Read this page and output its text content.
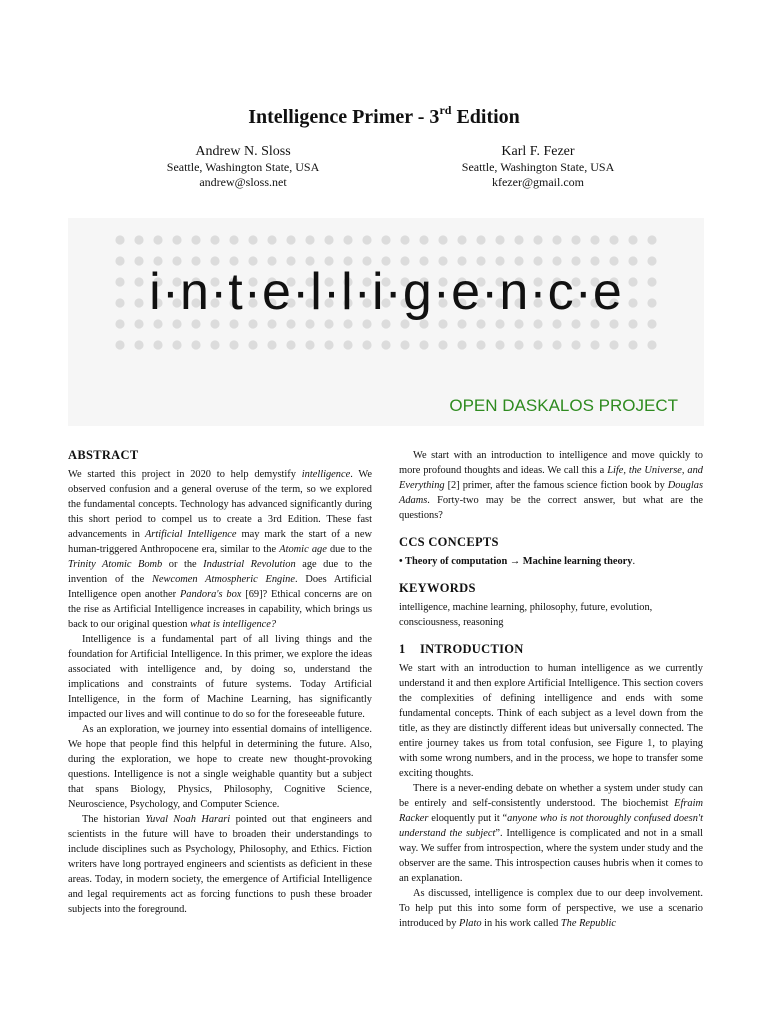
Intelligence Primer - 3rd Edition
Andrew N. Sloss
Seattle, Washington State, USA
andrew@sloss.net
Karl F. Fezer
Seattle, Washington State, USA
kfezer@gmail.com
i·n·t·e·l·l·i·g·e·n·c·e
OPEN DASKALOS PROJECT
ABSTRACT

We started this project in 2020 to help demystify intelligence. We observed confusion and a general overuse of the term, so we explored the fundamental concepts. Technology has advanced significantly during this short period to compel us to create a 3rd Edition. These fast advancements in Artificial Intelligence may mark the start of a new human-triggered Anthropocene era, similar to the Atomic age due to the Trinity Atomic Bomb or the Industrial Revolution age due to the invention of the Newcomen Atmospheric Engine. Does Artificial Intelligence open another Pandora's box [69]? Ethical concerns are on the rise as Artificial Intelligence increases in capability, which brings us back to our original question what is intelligence?

Intelligence is a fundamental part of all living things and the foundation for Artificial Intelligence. In this primer, we explore the ideas associated with intelligence and, by doing so, understand the implications and constraints of future systems. Today Artificial Intelligence, in the form of Machine Learning, has significantly impacted our lives and will continue to do so for the foreseeable future.

As an exploration, we journey into essential domains of intelligence. We hope that people find this helpful in determining the future. Also, during the exploration, we hope to create new thought-provoking questions. Intelligence is not a single weighable quantity but a subject that spans Biology, Physics, Philosophy, Cognitive Science, Neuroscience, Psychology, and Computer Science.

The historian Yuval Noah Harari pointed out that engineers and scientists in the future will have to broaden their understandings to include disciplines such as Psychology, Philosophy, and Ethics. Fiction writers have long portrayed engineers and scientists as deficient in these areas. Today, in modern society, the emergence of Artificial Intelligence and legal requirements act as forcing functions to push these broader subjects into the foreground.

We start with an introduction to intelligence and move quickly to more profound thoughts and ideas. We call this a Life, the Universe, and Everything [2] primer, after the famous science fiction book by Douglas Adams. Forty-two may be the correct answer, but what are the questions?

CCS CONCEPTS

• Theory of computation → Machine learning theory.

KEYWORDS

intelligence, machine learning, philosophy, future, evolution, consciousness, reasoning

1 INTRODUCTION

We start with an introduction to human intelligence as we currently understand it and then explore Artificial Intelligence. This section covers the complexities of defining intelligence and ends with some fundamental concepts. Think of each subject as a level down from the title, as they are distinctly different ideas but universally connected. The entire journey takes us from total confusion, see Figure 1, to playing with some wrong numbers, and in the process, we hope to transfer some exciting thoughts.

There is a never-ending debate on whether a system under study can be entirely and self-consistently understood. The biochemist Efraim Racker eloquently put it “anyone who is not thoroughly confused doesn't understand the subject”. Intelligence is complicated and not in a small way. We suffer from introspection, where the system under study and the observer are the same. This introspection causes hubris when it comes to an explanation.

As discussed, intelligence is complex due to our deep involvement. To help put this into some form of perspective, we use a scenario introduced by Plato in his work called The Republic
